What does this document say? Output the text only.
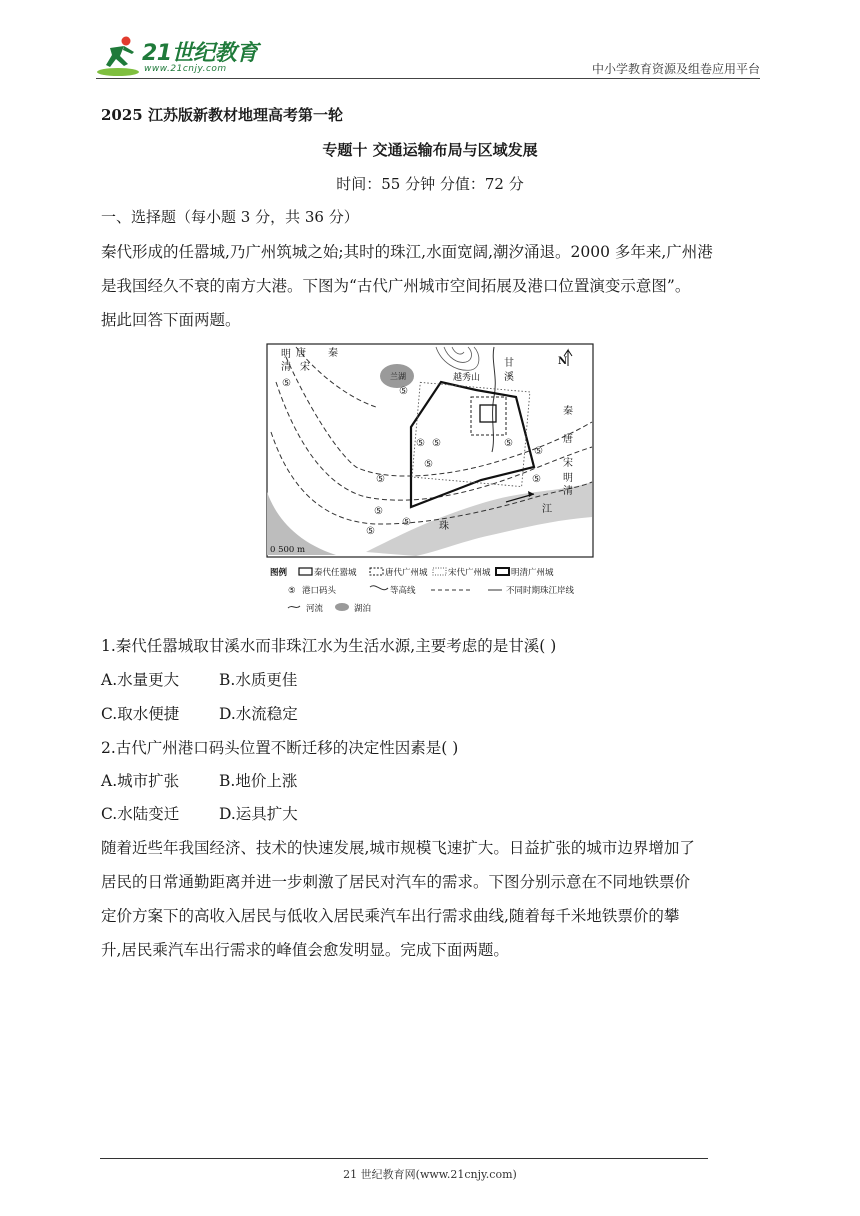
21世纪教育
www.21cnjy.com	中小学教育资源及组卷应用平台
2025 江苏版新教材地理高考第一轮
专题十 交通运输布局与区域发展
时间：55 分钟 分值：72 分
一、选择题（每小题 3 分，共 36 分）
秦代形成的任嚣城,乃广州筑城之始;其时的珠江,水面宽阔,潮汐涌退。2000 多年来,广州港
是我国经久不衰的南方大港。下图为“古代广州城市空间拓展及港口位置演变示意图”。
据此回答下面两题。
⑤
⑤
⑤ ⑤
⑤
⑤
⑤
⑤
⑤
⑤
⑤
⑤
明 唐 秦
清 宋
兰湖	越秀山
甘
溪
N
秦
唐
宋
明
清
珠
江
0 500 m
图例	秦代任嚣城	唐代广州城 宋代广州城 明清广州城
⑤ 港口码头	等高线	不同时期珠江岸线
河流	湖泊
1.秦代任嚣城取甘溪水而非珠江水为生活水源,主要考虑的是甘溪( )
A.水量更大	B.水质更佳
C.取水便捷	D.水流稳定
2.古代广州港口码头位置不断迁移的决定性因素是( )
A.城市扩张	B.地价上涨
C.水陆变迁	D.运具扩大
随着近些年我国经济、技术的快速发展,城市规模飞速扩大。日益扩张的城市边界增加了
居民的日常通勤距离并进一步刺激了居民对汽车的需求。下图分别示意在不同地铁票价
定价方案下的高收入居民与低收入居民乘汽车出行需求曲线,随着每千米地铁票价的攀
升,居民乘汽车出行需求的峰值会愈发明显。完成下面两题。
21 世纪教育网(www.21cnjy.com)
